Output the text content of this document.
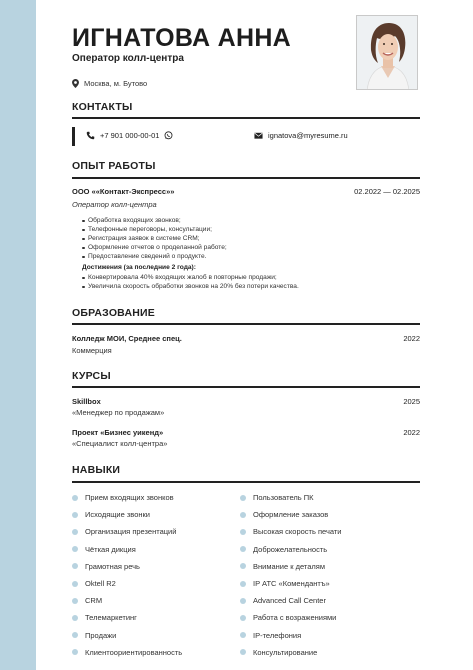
ИГНАТОВА АННА
Оператор колл-центра
Москва, м. Бутово
КОНТАКТЫ
+7 901 000-00-01	ignatova@myresume.ru
ОПЫТ РАБОТЫ
ООО ««Контакт-Экспресс»»	02.2022 — 02.2025
Оператор колл-центра
Обработка входящих звонков;
Телефонные переговоры, консультации;
Регистрация заявок в системе CRM;
Оформление отчетов о проделанной работе;
Предоставление сведений о продукте.
Достижения (за последние 2 года):
Конвертировала 40% входящих жалоб в повторные продажи;
Увеличила скорость обработки звонков на 20% без потери качества.
ОБРАЗОВАНИЕ
Колледж МОИ, Среднее спец.	2022
Коммерция
КУРСЫ
Skillbox	2025
«Менеджер по продажам»
Проект «Бизнес уикенд»	2022
«Специалист колл-центра»
НАВЫКИ
Прием входящих звонков
Исходящие звонки
Организация презентаций
Чёткая дикция
Грамотная речь
Oktell R2
CRM
Телемаркетинг
Продажи
Клиентоориентированность
Пользователь ПК
Оформление заказов
Высокая скорость печати
Доброжелательность
Внимание к деталям
IP АТС «Комендантъ»
Advanced Call Center
Работа с возражениями
IP-телефония
Консультирование
